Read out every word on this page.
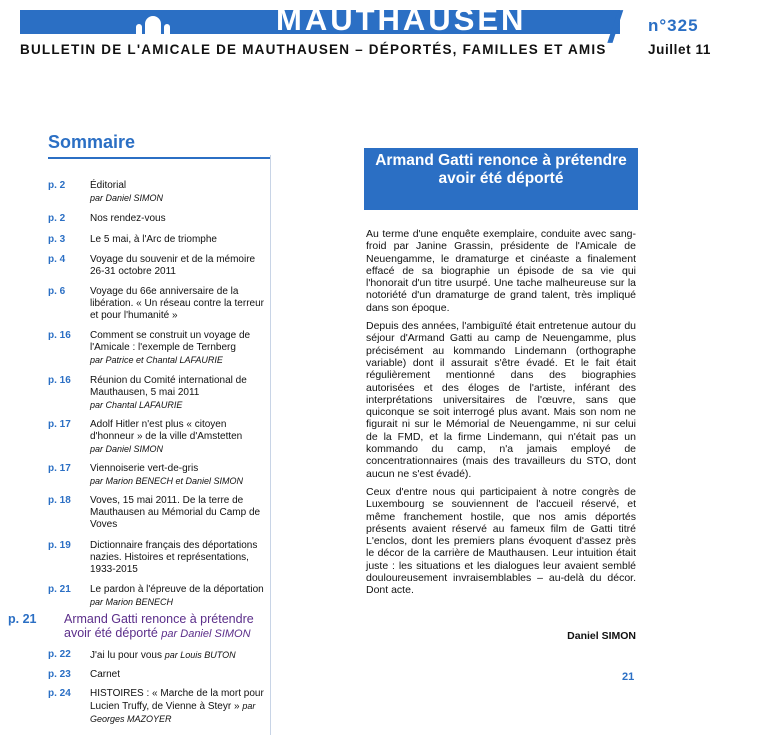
MAUTHAUSEN / n°325
BULLETIN DE L'AMICALE DE MAUTHAUSEN – DÉPORTÉS, FAMILLES ET AMIS	Juillet 11
Sommaire
p. 2 Éditorial
par Daniel SIMON
p. 2 Nos rendez-vous
p. 3 Le 5 mai, à l'Arc de triomphe
p. 4 Voyage du souvenir et de la mémoire 26-31 octobre 2011
p. 6 Voyage du 66e anniversaire de la libération. « Un réseau contre la terreur et pour l'humanité »
p. 16 Comment se construit un voyage de l'Amicale : l'exemple de Ternberg
par Patrice et Chantal LAFAURIE
p. 16 Réunion du Comité international de Mauthausen, 5 mai 2011
par Chantal LAFAURIE
p. 17 Adolf Hitler n'est plus « citoyen d'honneur » de la ville d'Amstetten
par Daniel SIMON
p. 17 Viennoiserie vert-de-gris
par Marion BENECH et Daniel SIMON
p. 18 Voves, 15 mai 2011. De la terre de Mauthausen au Mémorial du Camp de Voves
p. 19 Dictionnaire français des déportations nazies. Histoires et représentations, 1933-2015
p. 21 Le pardon à l'épreuve de la déportation par Marion BENECH
p. 21 Armand Gatti renonce à prétendre avoir été déporté par Daniel SIMON
p. 22 J'ai lu pour vous par Louis BUTON
p. 23 Carnet
p. 24 HISTOIRES : « Marche de la mort pour Lucien Truffy, de Vienne à Steyr » par Georges MAZOYER
Armand Gatti renonce à prétendre avoir été déporté

Au terme d'une enquête exemplaire, conduite avec sang-froid par Janine Grassin, présidente de l'Amicale de Neuengamme, le dramaturge et cinéaste a finalement effacé de sa biographie un épisode de sa vie qui l'honorait d'un titre usurpé. Une tache malheureuse sur la notoriété d'un dramaturge de grand talent, très impliqué dans son époque.

Depuis des années, l'ambiguïté était entretenue autour du séjour d'Armand Gatti au camp de Neuengamme, plus précisément au kommando Lindemann (orthographe variable) dont il assurait s'être évadé. Et le fait était régulièrement mentionné dans des biographies autorisées et des éloges de l'artiste, inférant des interprétations universitaires de l'œuvre, sans que quiconque se soit interrogé plus avant. Mais son nom ne figurait ni sur le Mémorial de Neuengamme, ni sur celui de la FMD, et la firme Lindemann, qui n'était pas un kommando du camp, n'a jamais employé de concentrationnaires (mais des travailleurs du STO, dont aucun ne s'est évadé).

Ceux d'entre nous qui participaient à notre congrès de Luxembourg se souviennent de l'accueil réservé, et même franchement hostile, que nos amis déportés présents avaient réservé au fameux film de Gatti titré L'enclos, dont les premiers plans évoquent d'assez près le décor de la carrière de Mauthausen. Leur intuition était juste : les situations et les dialogues leur avaient semblé douloureusement invraisemblables – au-delà du décor. Dont acte.

Daniel SIMON
21
